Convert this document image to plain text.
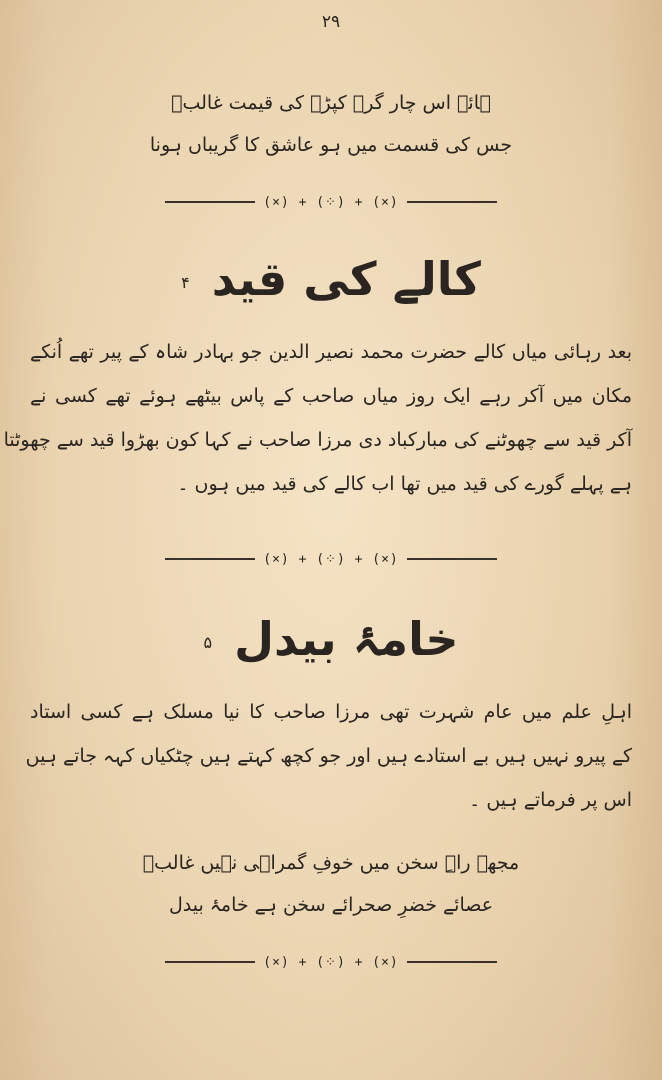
۲۹
ہائے اس چار گرہ کپڑے کی قیمت غالبؔ
جس کی قسمت میں ہو عاشق کا گریباں ہونا
(×) + (⁘) + (×)
کالے کی قید ۴
بعد رہائی میاں کالے حضرت محمد نصیر الدین جو بہادر شاہ کے پیر تھے اُنکے
مکان میں آکر رہے ایک روز میاں صاحب کے پاس بیٹھے ہوئے تھے کسی نے
آکر قید سے چھوٹنے کی مبارکباد دی مرزا صاحب نے کہا کون بھڑوا قید سے چھوٹتا
ہے پہلے گورے کی قید میں تھا اب کالے کی قید میں ہوں ۔
(×) + (⁘) + (×)
خامۂ بیدل ۵
اہلِ علم میں عام شہرت تھی مرزا صاحب کا نیا مسلک ہے کسی استاد
کے پیرو نہیں ہیں بے استادے ہیں اور جو کچھ کہتے ہیں چٹکیاں کہہ جاتے ہیں
اس پر فرماتے ہیں ۔
مجھے راہِ سخن میں خوفِ گمراہی نہیں غالبؔ
عصائے خضرِ صحرائے سخن ہے خامۂ بیدل
(×) + (⁘) + (×)
